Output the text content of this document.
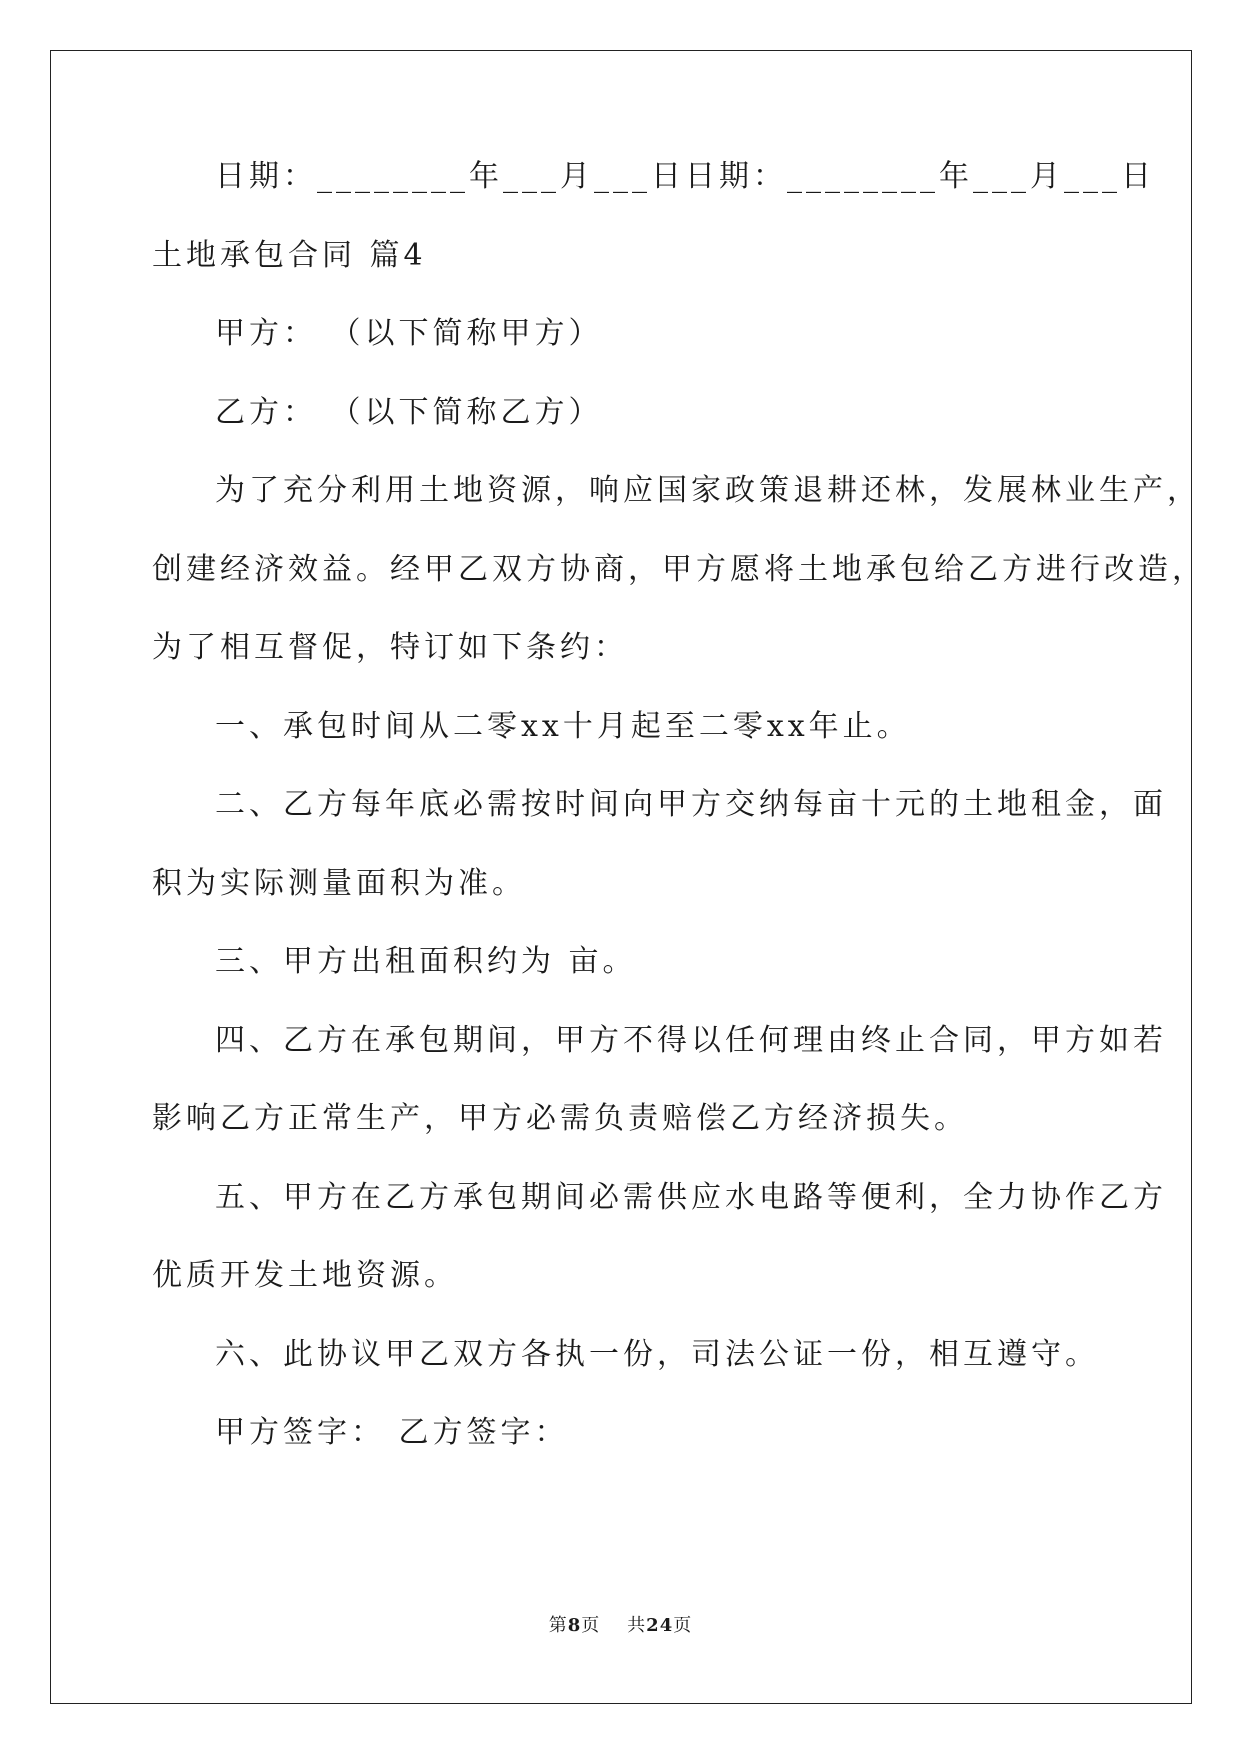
日期：________年___月___日日期：________年___月___日
土地承包合同 篇4
甲方： （以下简称甲方）
乙方： （以下简称乙方）
为了充分利用土地资源，响应国家政策退耕还林，发展林业生产，
创建经济效益。经甲乙双方协商，甲方愿将土地承包给乙方进行改造，
为了相互督促，特订如下条约：
一、承包时间从二零xx十月起至二零xx年止。
二、乙方每年底必需按时间向甲方交纳每亩十元的土地租金，面
积为实际测量面积为准。
三、甲方出租面积约为 亩。
四、乙方在承包期间，甲方不得以任何理由终止合同，甲方如若
影响乙方正常生产，甲方必需负责赔偿乙方经济损失。
五、甲方在乙方承包期间必需供应水电路等便利，全力协作乙方
优质开发土地资源。
六、此协议甲乙双方各执一份，司法公证一份，相互遵守。
甲方签字： 乙方签字：
第8页 共24页
